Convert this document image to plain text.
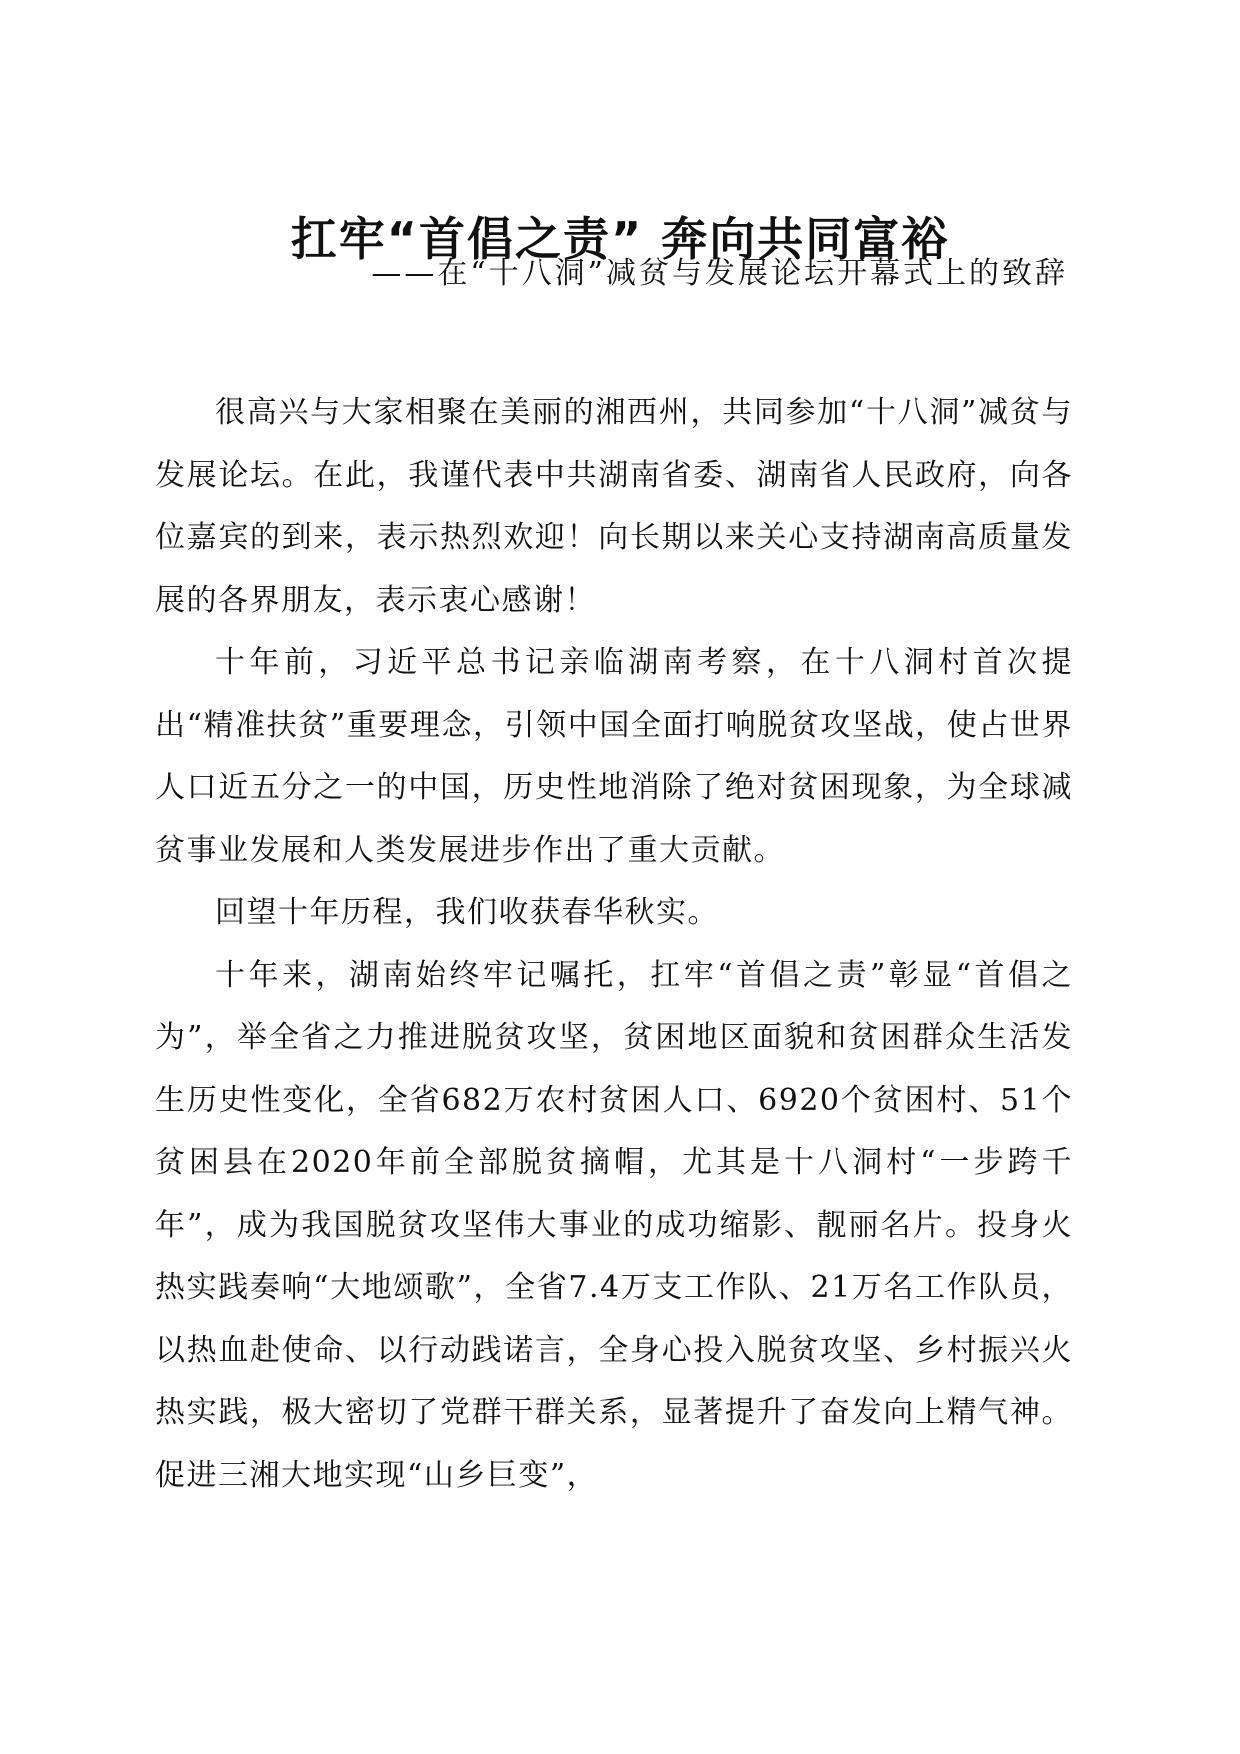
扛牢“首倡之责” 奔向共同富裕
——在“十八洞”减贫与发展论坛开幕式上的致辞

很高兴与大家相聚在美丽的湘西州，共同参加“十八洞”减贫与发展论坛。在此，我谨代表中共湖南省委、湖南省人民政府，向各位嘉宾的到来，表示热烈欢迎！向长期以来关心支持湖南高质量发展的各界朋友，表示衷心感谢！

十年前，习近平总书记亲临湖南考察，在十八洞村首次提出“精准扶贫”重要理念，引领中国全面打响脱贫攻坚战，使占世界人口近五分之一的中国，历史性地消除了绝对贫困现象，为全球减贫事业发展和人类发展进步作出了重大贡献。

回望十年历程，我们收获春华秋实。

十年来，湖南始终牢记嘱托，扛牢“首倡之责”彰显“首倡之为”，举全省之力推进脱贫攻坚，贫困地区面貌和贫困群众生活发生历史性变化，全省682万农村贫困人口、6920个贫困村、51个贫困县在2020年前全部脱贫摘帽，尤其是十八洞村“一步跨千年”，成为我国脱贫攻坚伟大事业的成功缩影、靓丽名片。投身火热实践奏响“大地颂歌”，全省7.4万支工作队、21万名工作队员，以热血赴使命、以行动践诺言，全身心投入脱贫攻坚、乡村振兴火热实践，极大密切了党群干群关系，显著提升了奋发向上精气神。促进三湘大地实现“山乡巨变”，
